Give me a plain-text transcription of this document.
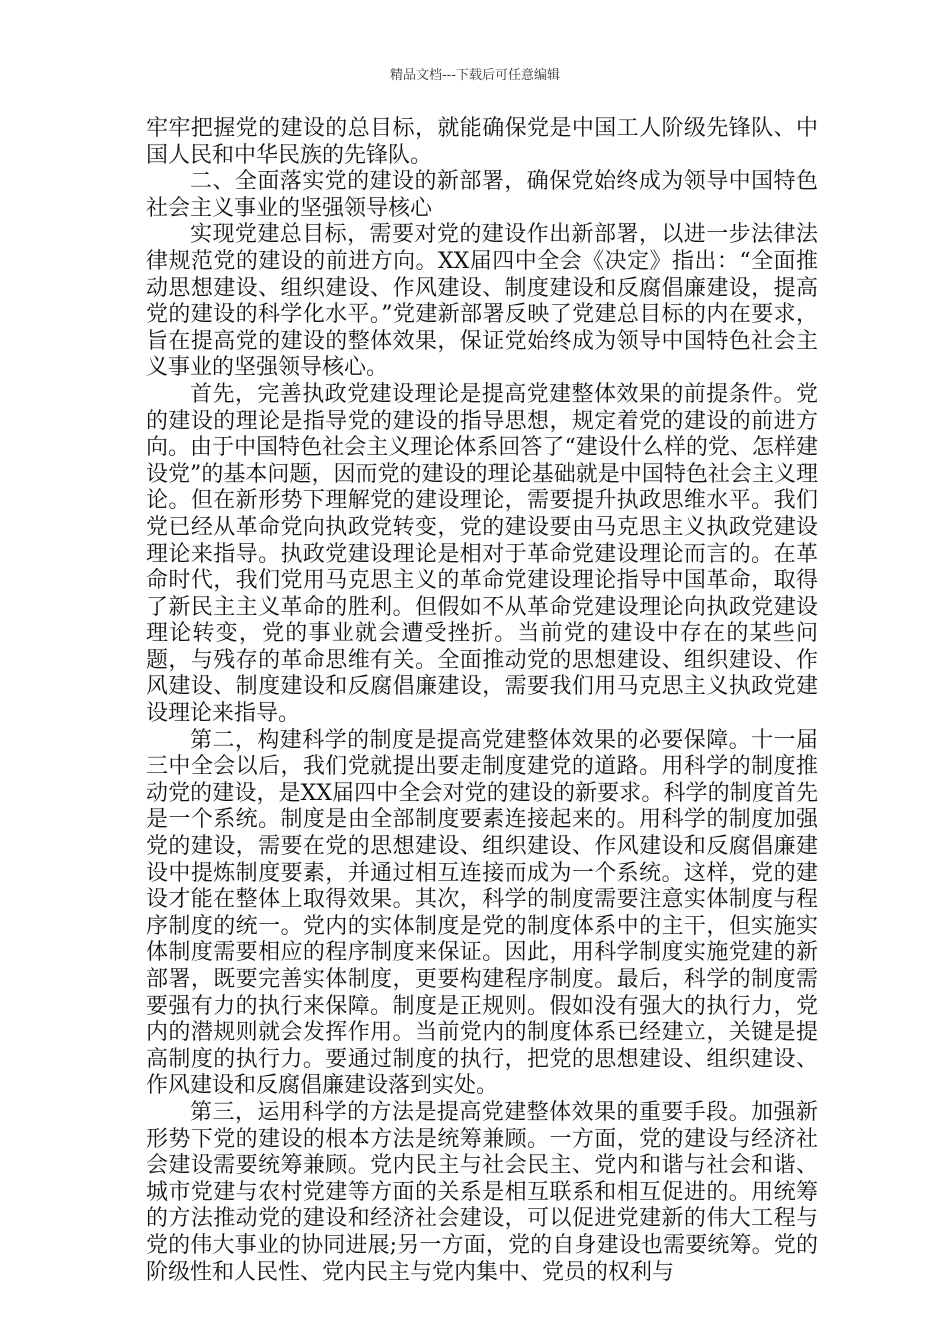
精品文档---下载后可任意编辑

牢牢把握党的建设的总目标，就能确保党是中国工人阶级先锋队、中国人民和中华民族的先锋队。

二、全面落实党的建设的新部署，确保党始终成为领导中国特色社会主义事业的坚强领导核心

实现党建总目标，需要对党的建设作出新部署，以进一步法律法律规范党的建设的前进方向。XX届四中全会《决定》指出：“全面推动思想建设、组织建设、作风建设、制度建设和反腐倡廉建设，提高党的建设的科学化水平。”党建新部署反映了党建总目标的内在要求，旨在提高党的建设的整体效果，保证党始终成为领导中国特色社会主义事业的坚强领导核心。

首先，完善执政党建设理论是提高党建整体效果的前提条件。党的建设的理论是指导党的建设的指导思想，规定着党的建设的前进方向。由于中国特色社会主义理论体系回答了“建设什么样的党、怎样建设党”的基本问题，因而党的建设的理论基础就是中国特色社会主义理论。但在新形势下理解党的建设理论，需要提升执政思维水平。我们党已经从革命党向执政党转变，党的建设要由马克思主义执政党建设理论来指导。执政党建设理论是相对于革命党建设理论而言的。在革命时代，我们党用马克思主义的革命党建设理论指导中国革命，取得了新民主主义革命的胜利。但假如不从革命党建设理论向执政党建设理论转变，党的事业就会遭受挫折。当前党的建设中存在的某些问题，与残存的革命思维有关。全面推动党的思想建设、组织建设、作风建设、制度建设和反腐倡廉建设，需要我们用马克思主义执政党建设理论来指导。

第二，构建科学的制度是提高党建整体效果的必要保障。十一届三中全会以后，我们党就提出要走制度建党的道路。用科学的制度推动党的建设，是XX届四中全会对党的建设的新要求。科学的制度首先是一个系统。制度是由全部制度要素连接起来的。用科学的制度加强党的建设，需要在党的思想建设、组织建设、作风建设和反腐倡廉建设中提炼制度要素，并通过相互连接而成为一个系统。这样，党的建设才能在整体上取得效果。其次，科学的制度需要注意实体制度与程序制度的统一。党内的实体制度是党的制度体系中的主干，但实施实体制度需要相应的程序制度来保证。因此，用科学制度实施党建的新部署，既要完善实体制度，更要构建程序制度。最后，科学的制度需要强有力的执行来保障。制度是正规则。假如没有强大的执行力，党内的潜规则就会发挥作用。当前党内的制度体系已经建立，关键是提高制度的执行力。要通过制度的执行，把党的思想建设、组织建设、作风建设和反腐倡廉建设落到实处。

第三，运用科学的方法是提高党建整体效果的重要手段。加强新形势下党的建设的根本方法是统筹兼顾。一方面，党的建设与经济社会建设需要统筹兼顾。党内民主与社会民主、党内和谐与社会和谐、城市党建与农村党建等方面的关系是相互联系和相互促进的。用统筹的方法推动党的建设和经济社会建设，可以促进党建新的伟大工程与党的伟大事业的协同进展;另一方面，党的自身建设也需要统筹。党的阶级性和人民性、党内民主与党内集中、党员的权利与
